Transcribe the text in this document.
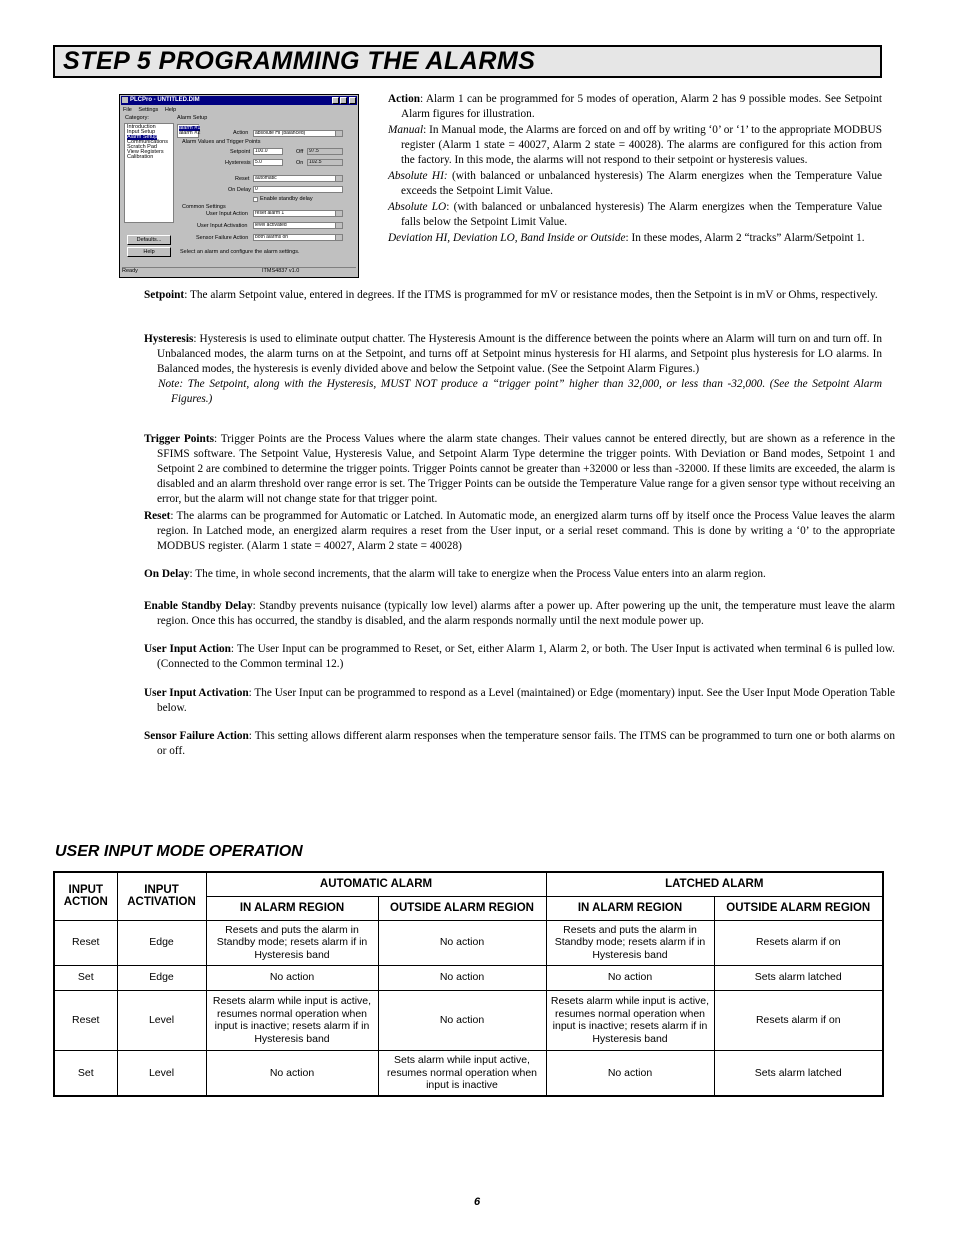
STEP 5 PROGRAMMING THE ALARMS
PLCPro - UNTITLED.DIM
File Settings Help
Category:
Introduction
Input Setup
Alarm Setup
Communications
Scratch Pad
View Registers
Calibration
Defaults...
Help
Alarm Setup
alarm #1
alarm #2	Action	absolute HI (balanced)
Alarm Values and Trigger Points
Setpoint 100.0	Off	97.5
Hysteresis 5.0	On	102.5
Reset	automatic
On Delay 0
Enable standby delay
Common Settings
User Input Action	reset alarm 1
User Input Activation	level activated
Sensor Failure Action	both alarms on
Select an alarm and configure the alarm settings.
Ready	ITMS4837 v1.0

Action: Alarm 1 can be programmed for 5 modes of operation, Alarm 2 has 9 possible modes. See Setpoint Alarm figures for illustration.

Manual: In Manual mode, the Alarms are forced on and off by writing ‘0’ or ‘1’ to the appropriate MODBUS register (Alarm 1 state = 40027, Alarm 2 state = 40028). The alarms are configured for this action from the factory. In this mode, the alarms will not respond to their setpoint or hysteresis values.

Absolute HI: (with balanced or unbalanced hysteresis) The Alarm energizes when the Temperature Value exceeds the Setpoint Limit Value.

Absolute LO: (with balanced or unbalanced hysteresis) The Alarm energizes when the Temperature Value falls below the Setpoint Limit Value.

Deviation HI, Deviation LO, Band Inside or Outside: In these modes, Alarm 2 “tracks” Alarm/Setpoint 1.

Setpoint: The alarm Setpoint value, entered in degrees. If the ITMS is programmed for mV or resistance modes, then the Setpoint is in mV or Ohms, respectively.

Hysteresis: Hysteresis is used to eliminate output chatter. The Hysteresis Amount is the difference between the points where an Alarm will turn on and turn off. In Unbalanced modes, the alarm turns on at the Setpoint, and turns off at Setpoint minus hysteresis for HI alarms, and Setpoint plus hysteresis for LO alarms. In Balanced modes, the hysteresis is evenly divided above and below the Setpoint value. (See the Setpoint Alarm Figures.)

Note: The Setpoint, along with the Hysteresis, MUST NOT produce a “trigger point” higher than 32,000, or less than -32,000. (See the Setpoint Alarm Figures.)

Trigger Points: Trigger Points are the Process Values where the alarm state changes. Their values cannot be entered directly, but are shown as a reference in the SFIMS software. The Setpoint Value, Hysteresis Value, and Setpoint Alarm Type determine the trigger points. With Deviation or Band modes, Setpoint 1 and Setpoint 2 are combined to determine the trigger points. Trigger Points cannot be greater than +32000 or less than -32000. If these limits are exceeded, the alarm is disabled and an alarm threshold over range error is set. The Trigger Points can be outside the Temperature Value range for a given sensor type without receiving an error, but the alarm will not change state for that trigger point.
Reset: The alarms can be programmed for Automatic or Latched. In Automatic mode, an energized alarm turns off by itself once the Process Value leaves the alarm region. In Latched mode, an energized alarm requires a reset from the User input, or a serial reset command. This is done by writing a ‘0’ to the appropriate MODBUS register. (Alarm 1 state = 40027, Alarm 2 state = 40028)
On Delay: The time, in whole second increments, that the alarm will take to energize when the Process Value enters into an alarm region.
Enable Standby Delay: Standby prevents nuisance (typically low level) alarms after a power up. After powering up the unit, the temperature must leave the alarm region. Once this has occurred, the standby is disabled, and the alarm responds normally until the next module power up.
User Input Action: The User Input can be programmed to Reset, or Set, either Alarm 1, Alarm 2, or both. The User Input is activated when terminal 6 is pulled low. (Connected to the Common terminal 12.)
User Input Activation: The User Input can be programmed to respond as a Level (maintained) or Edge (momentary) input. See the User Input Mode Operation Table below.
Sensor Failure Action: This setting allows different alarm responses when the temperature sensor fails. The ITMS can be programmed to turn one or both alarms on or off.
USER INPUT MODE OPERATION
INPUT ACTION	INPUT ACTIVATION	AUTOMATIC ALARM		LATCHED ALARM	
		IN ALARM REGION	OUTSIDE ALARM REGION	IN ALARM REGION	OUTSIDE ALARM REGION
Reset	Edge	Resets and puts the alarm in Standby mode; resets alarm if in Hysteresis band	No action	Resets and puts the alarm in Standby mode; resets alarm if in Hysteresis band	Resets alarm if on
Set	Edge	No action	No action	No action	Sets alarm latched
Reset	Level	Resets alarm while input is active, resumes normal operation when input is inactive; resets alarm if in Hysteresis band	No action	Resets alarm while input is active, resumes normal operation when input is inactive; resets alarm if in Hysteresis band	Resets alarm if on
Set	Level	No action	Sets alarm while input active, resumes normal operation when input is inactive	No action	Sets alarm latched
6
